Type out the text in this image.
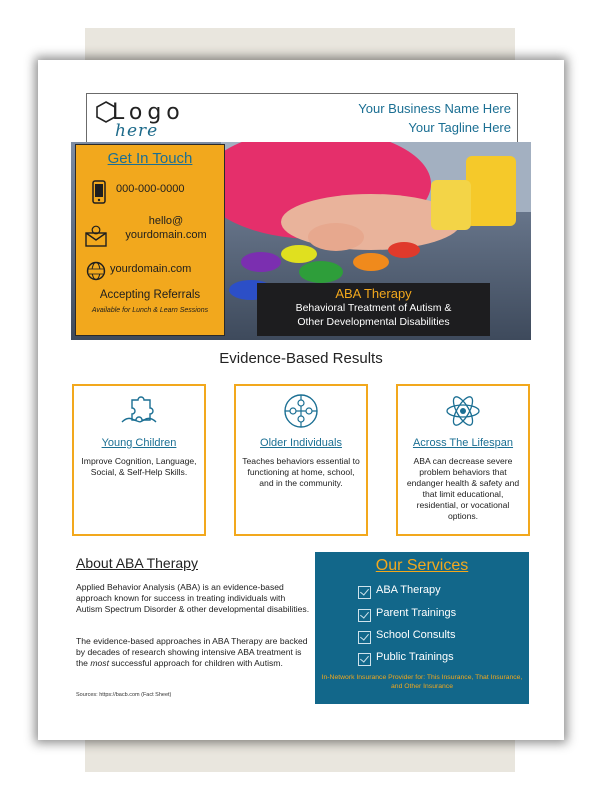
Logo
here
Your Business Name Here
Your Tagline Here
Get In Touch
000-000-0000
hello@
yourdomain.com
yourdomain.com
Accepting Referrals
Available for Lunch & Learn Sessions
ABA Therapy
Behavioral Treatment of Autism &
Other Developmental Disabilities
Evidence-Based Results
Young Children
Improve Cognition, Language, Social, & Self-Help Skills.
Older Individuals
Teaches behaviors essential to functioning at home, school, and in the community.
Across The Lifespan
ABA can decrease severe problem behaviors that endanger health & safety and that limit educational, residential, or vocational options.
About ABA Therapy
Applied Behavior Analysis (ABA) is an evidence-based approach known for success in treating individuals with Autism Spectrum Disorder & other developmental disabilities.
The evidence-based approaches in ABA Therapy are backed by decades of research showing intensive ABA treatment is the most successful approach for children with Autism.
Sources: https://bacb.com (Fact Sheet)
Our Services
ABA Therapy
Parent Trainings
School Consults
Public Trainings
In-Network Insurance Provider for: This Insurance, That Insurance, and Other Insurance
